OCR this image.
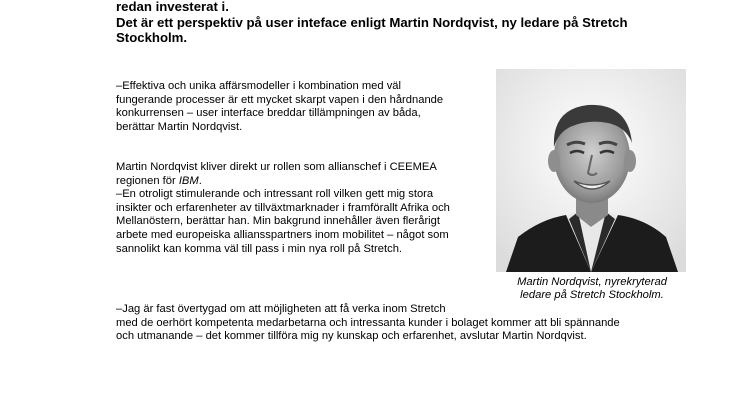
redan investerat i.
Det är ett perspektiv på user inteface enligt Martin Nordqvist, ny ledare på Stretch
Stockholm.
–Effektiva och unika affärsmodeller i kombination med väl
fungerande processer är ett mycket skarpt vapen i den hårdnande
konkurrensen – user interface breddar tillämpningen av båda,
berättar Martin Nordqvist.
Martin Nordqvist kliver direkt ur rollen som allianschef i CEEMEA
regionen för IBM.
–En otroligt stimulerande och intressant roll vilken gett mig stora
insikter och erfarenheter av tillväxtmarknader i framförallt Afrika och
Mellanöstern, berättar han. Min bakgrund innehåller även flerårigt
arbete med europeiska alliansspartners inom mobilitet – något som
sannolikt kan komma väl till pass i min nya roll på Stretch.
–Jag är fast övertygad om att möjligheten att få verka inom Stretch
med de oerhört kompetenta medarbetarna och intressanta kunder i bolaget kommer att bli spännande
och utmanande – det kommer tillföra mig ny kunskap och erfarenhet, avslutar Martin Nordqvist.
Martin Nordqvist, nyrekryterad
ledare på Stretch Stockholm.
